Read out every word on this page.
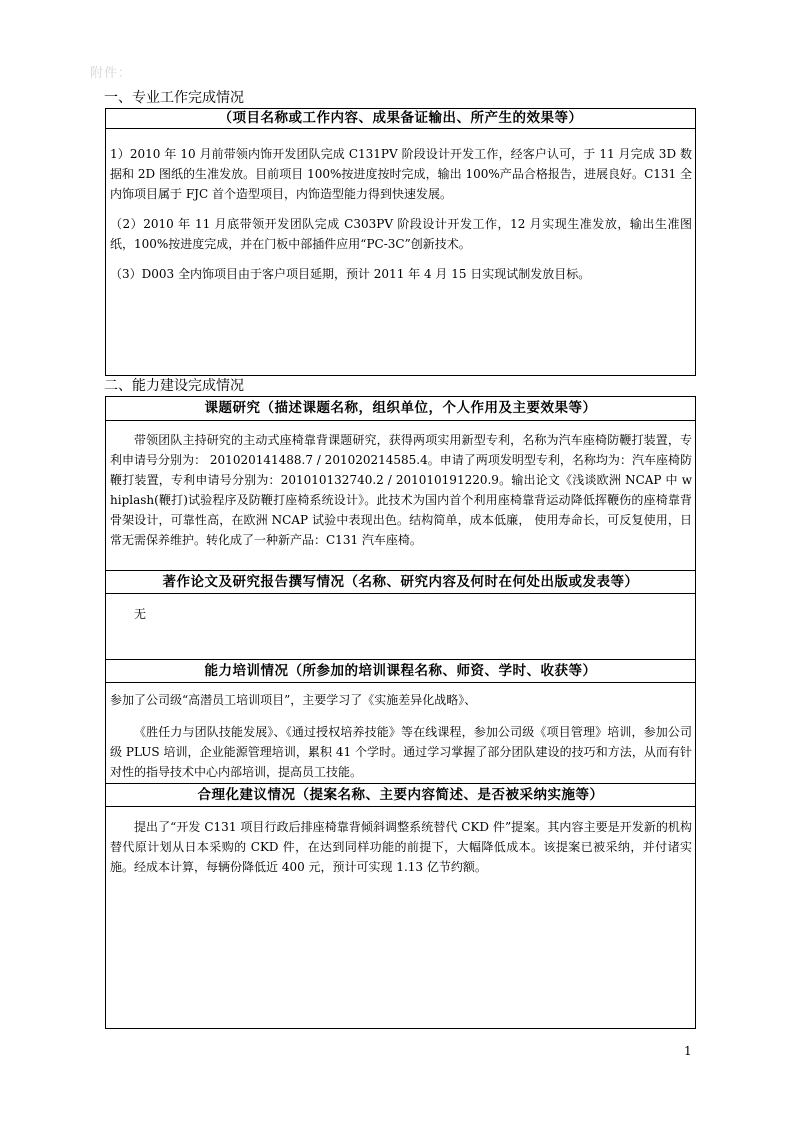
附件：
一、专业工作完成情况
（项目名称或工作内容、成果备证输出、所产生的效果等）
1）2010 年 10 月前带领内饰开发团队完成 C131PV 阶段设计开发工作，经客户认可，于 11 月完成 3D 数据和 2D 图纸的生准发放。目前项目 100%按进度按时完成，输出 100%产品合格报告，进展良好。C131 全内饰项目属于 FJC 首个造型项目，内饰造型能力得到快速发展。
（2）2010 年 11 月底带领开发团队完成 C303PV 阶段设计开发工作，12 月实现生准发放，输出生准图纸，100%按进度完成，并在门板中部插件应用“PC-3C”创新技术。
（3）D003 全内饰项目由于客户项目延期，预计 2011 年 4 月 15 日实现试制发放目标。
二、能力建设完成情况
课题研究（描述课题名称，组织单位，个人作用及主要效果等）
带领团队主持研究的主动式座椅靠背课题研究，获得两项实用新型专利，名称为汽车座椅防鞭打装置，专利申请号分别为： 201020141488.7 / 201020214585.4。申请了两项发明型专利，名称均为：汽车座椅防鞭打装置，专利申请号分别为：201010132740.2 / 201010191220.9。输出论文《浅谈欧洲 NCAP 中 whiplash(鞭打)试验程序及防鞭打座椅系统设计》。此技术为国内首个利用座椅靠背运动降低挥鞭伤的座椅靠背骨架设计，可靠性高，在欧洲 NCAP 试验中表现出色。结构简单，成本低廉， 使用寿命长，可反复使用，日常无需保养维护。转化成了一种新产品：C131 汽车座椅。
著作论文及研究报告撰写情况（名称、研究内容及何时在何处出版或发表等）
无
能力培训情况（所参加的培训课程名称、师资、学时、收获等）
参加了公司级“高潜员工培训项目”，主要学习了《实施差异化战略》、
《胜任力与团队技能发展》、《通过授权培养技能》等在线课程，参加公司级《项目管理》培训，参加公司级 PLUS 培训，企业能源管理培训，累积 41 个学时。通过学习掌握了部分团队建设的技巧和方法，从而有针对性的指导技术中心内部培训，提高员工技能。
合理化建议情况（提案名称、主要内容简述、是否被采纳实施等）
提出了“开发 C131 项目行政后排座椅靠背倾斜调整系统替代 CKD 件”提案。其内容主要是开发新的机构替代原计划从日本采购的 CKD 件，在达到同样功能的前提下，大幅降低成本。该提案已被采纳，并付诸实施。经成本计算，每辆份降低近 400 元，预计可实现 1.13 亿节约额。
1
